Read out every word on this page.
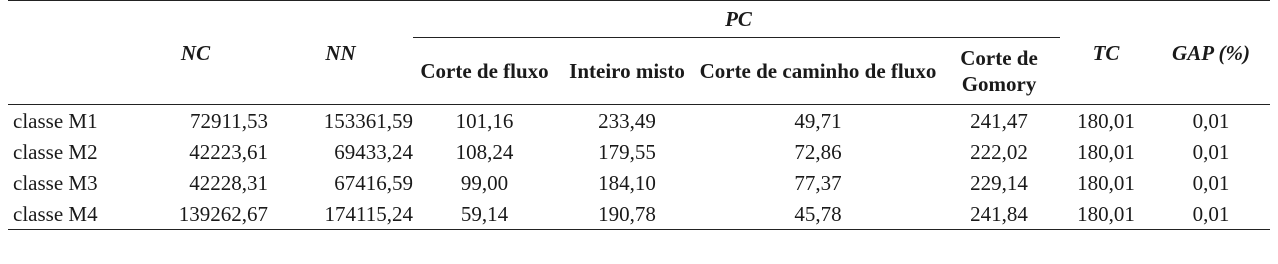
	NC	NN	PC				TC	GAP (%)
			Corte de fluxo	Inteiro misto	Corte de caminho de fluxo	Corte de Gomory		
classe M1	72911,53	153361,59	101,16	233,49	49,71	241,47	180,01	0,01
classe M2	42223,61	69433,24	108,24	179,55	72,86	222,02	180,01	0,01
classe M3	42228,31	67416,59	99,00	184,10	77,37	229,14	180,01	0,01
classe M4	139262,67	174115,24	59,14	190,78	45,78	241,84	180,01	0,01
